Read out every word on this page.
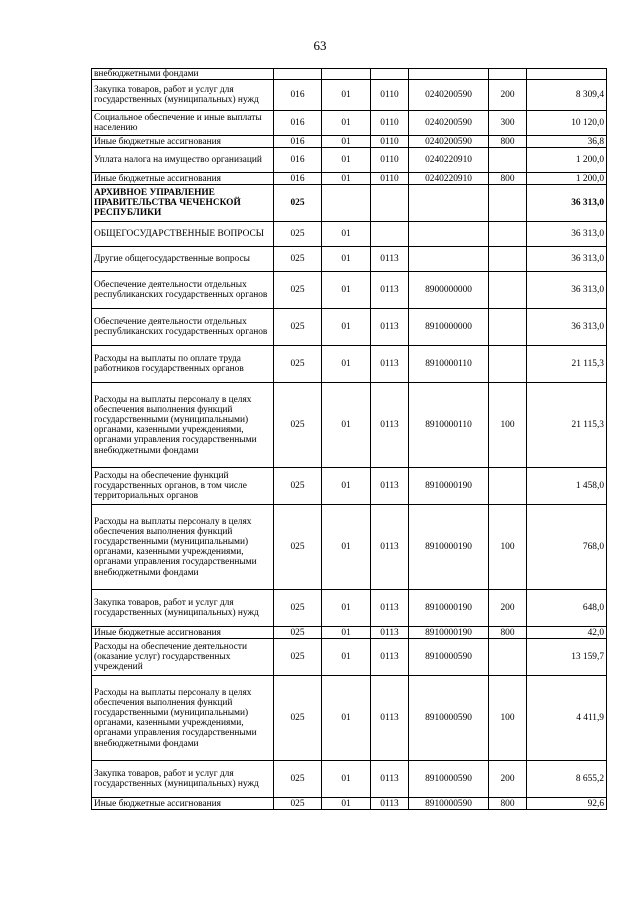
63
внебюджетными фондами						
Закупка товаров, работ и услуг для государственных (муниципальных) нужд	016	01	0110	0240200590	200	8 309,4
Социальное обеспечение и иные выплаты населению	016	01	0110	0240200590	300	10 120,0
Иные бюджетные ассигнования	016	01	0110	0240200590	800	36,8
Уплата налога на имущество организаций	016	01	0110	0240220910		1 200,0
Иные бюджетные ассигнования	016	01	0110	0240220910	800	1 200,0
АРХИВНОЕ УПРАВЛЕНИЕ ПРАВИТЕЛЬСТВА ЧЕЧЕНСКОЙ РЕСПУБЛИКИ	025					36 313,0
ОБЩЕГОСУДАРСТВЕННЫЕ ВОПРОСЫ	025	01				36 313,0
Другие общегосударственные вопросы	025	01	0113			36 313,0
Обеспечение деятельности отдельных республиканских государственных органов	025	01	0113	8900000000		36 313,0
Обеспечение деятельности отдельных республиканских государственных органов	025	01	0113	8910000000		36 313,0
Расходы на выплаты по оплате труда работников государственных органов	025	01	0113	8910000110		21 115,3
Расходы на выплаты персоналу в целях обеспечения выполнения функций государственными (муниципальными) органами, казенными учреждениями, органами управления государственными внебюджетными фондами	025	01	0113	8910000110	100	21 115,3
Расходы на обеспечение функций государственных органов, в том числе территориальных органов	025	01	0113	8910000190		1 458,0
Расходы на выплаты персоналу в целях обеспечения выполнения функций государственными (муниципальными) органами, казенными учреждениями, органами управления государственными внебюджетными фондами	025	01	0113	8910000190	100	768,0
Закупка товаров, работ и услуг для государственных (муниципальных) нужд	025	01	0113	8910000190	200	648,0
Иные бюджетные ассигнования	025	01	0113	8910000190	800	42,0
Расходы на обеспечение деятельности (оказание услуг) государственных учреждений	025	01	0113	8910000590		13 159,7
Расходы на выплаты персоналу в целях обеспечения выполнения функций государственными (муниципальными) органами, казенными учреждениями, органами управления государственными внебюджетными фондами	025	01	0113	8910000590	100	4 411,9
Закупка товаров, работ и услуг для государственных (муниципальных) нужд	025	01	0113	8910000590	200	8 655,2
Иные бюджетные ассигнования	025	01	0113	8910000590	800	92,6
